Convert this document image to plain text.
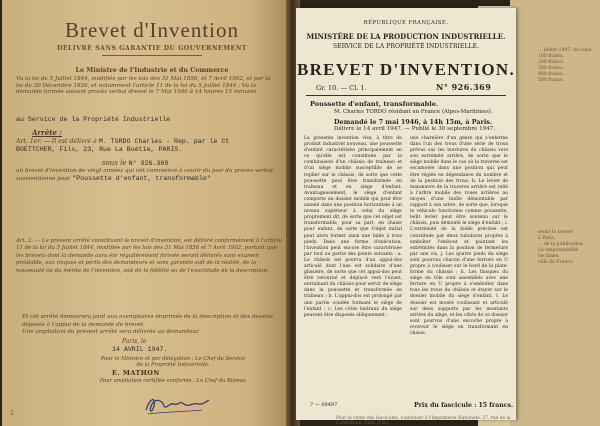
Brevet d'Invention
DÉLIVRÉ SANS GARANTIE DU GOUVERNEMENT
Le Ministre de l'Industrie et du Commerce
Vu la loi du 5 Juillet 1844, modifiée par les lois des 31 Mai 1856, et 7 Avril 1902, et par la loi du 30 Décembre 1926, et notamment l'article 11 de la loi du 5 Juillet 1844 ; Vu la demande formée suivant procès verbal dressé le 7 Mai 1946 à 14 heures 15 minutes
au Service de la Propriété Industrielle
Arrête :
Art. 1er. — Il est délivré à M. TORDO Charles - Rep. par le Ct
BOETTCHER, Fils, 23, Rue La Boétie, PARIS.
sous le N° 926.369
un brevet d'invention de vingt années qui ont commencé à courir du jour du procès verbal susmentionné pour "Poussette d'enfant, transformable"
Art. 2. — Le présent arrêté constituant le brevet d'invention, est délivré conformément à l'article 11 de la loi du 5 Juillet 1844, modifiée par les lois des 31 Mai 1856 et 7 Avril 1902, portant que les brevets dont la demande aura été régulièrement formée seront délivrés sans examen préalable, aux risques et périls des demandeurs et sans garantie soit de la réalité, de la nouveauté ou du mérite de l'invention, soit de la fidélité ou de l'exactitude de la description.
Et cet arrêté demeurera joint aux exemplaires imprimés de la description et des dessins déposés à l'appui de la demande de brevet.
Une ampliation du présent arrêté sera délivrée au demandeur.
Paris, le
14 AVRIL 1947.
Pour le Ministre et par délégation : Le Chef du Service de la Propriété Industrielle.
E. MATHON
Pour ampliation certifiée conforme : Le Chef du Bureau
2
... juillet 1947, les taux
100 francs.
200 francs.
300 francs.
400 francs.
500 francs.
senté le brevet
à Paris,
... de la publication.
La responsabilité
les taxes.
ville de France
RÉPUBLIQUE FRANÇAISE.
MINISTÈRE DE LA PRODUCTION INDUSTRIELLE.
SERVICE DE LA PROPRIÉTÉ INDUSTRIELLE.
BREVET D'INVENTION.
Gr. 10. — Cl. 1.	N° 926.369
Poussette d'enfant, transformable.
M. Charles TORDO résidant en France (Alpes-Maritimes).
Demandé le 7 mai 1946, à 14h 15m, à Paris.
Délivré le 14 avril 1947. — Publié le 30 septembre 1947.
La présente invention vise, à titre de produit industriel nouveau, une poussette d'enfant caractérisée principalement en ce qu'elle est constituée par la combinaison d'un châssis de traîneau et d'un siège mobile susceptible de se replier sur le châssis, de sorte que cette poussette peut être transformée en traîneau et en siège d'enfant. Avantageusement, le siège d'enfant comporte un dossier mobile qui peut être amené dans une position horizontale à un niveau supérieur à celui du siège proprement dit, de sorte que cet objet est transformable, pour sa part, en chaise pour enfant, de sorte que l'objet initial peut alors former ainsi une table à trois pieds. Dans une forme d'exécution, l'invention peut encore être caractérisée par tout ou partie des points suivants : a. Le châssis est pourvu d'un appui-dos articulé dont l'axe est solidaire d'une glissière, de sorte que cet appui-dos peut être retourné et déplacé vers l'avant, entraînant du châssis pour servir de siège dans la poussette et transformée en traîneau ; b. L'appui-dos est prolongé par une partie coudée formant le siège de l'enfant ; c. Les côtés latéraux du siège peuvent être disposés obliquement ;
une charnière d'un genre qui s'enferme dans l'un des trous d'une série de trous prévus sur les bordures du châssis vers son extrémité arrière, de sorte que le siège mobile dans le cas où la traverse est escamotée dans une position qui peut être réglée en dépendance du nombre et de la position des trous. h. Le levier de manœuvre de la traverse arrière est relié à l'arbre mobile des roues arrières au moyen d'une bielle démontable par rapport à son arbre, de sorte que, lorsque le véhicule fonctionne comme poussette, ledit levier peut être soutenu sur le châssis, puis démonté le siège d'enfant ; i. L'extrémité de la bielle précitée est constituée par deux tubulures propres à emboîter l'embout et pointant les extrémités dans la position de fermeture par une vis. j. Les quatre pieds du siège sont pourvus chacun d'une ferrure en U propre à coulisser sur le bord de la plate-forme du châssis ; k. Les flasques du siège en tôle sont assemblés avec une ferrure en U propre à s'emboîter dans tous les trous du châssis et étayer sur le dossier mobile du siège d'enfant. l. Le dossier est monté coulissant et articulé sur deux supports par les montants arrière du siège, et les côtés de ce dossier sont pourvus d'une encoche propre à recevoir le siège en transformant en chaise.
7 — 00497	Prix du fascicule : 15 francs.
Pour la vente des fascicules, s'adresser à l'Imprimerie Nationale, 27, rue de la Convention, Paris (15e).
